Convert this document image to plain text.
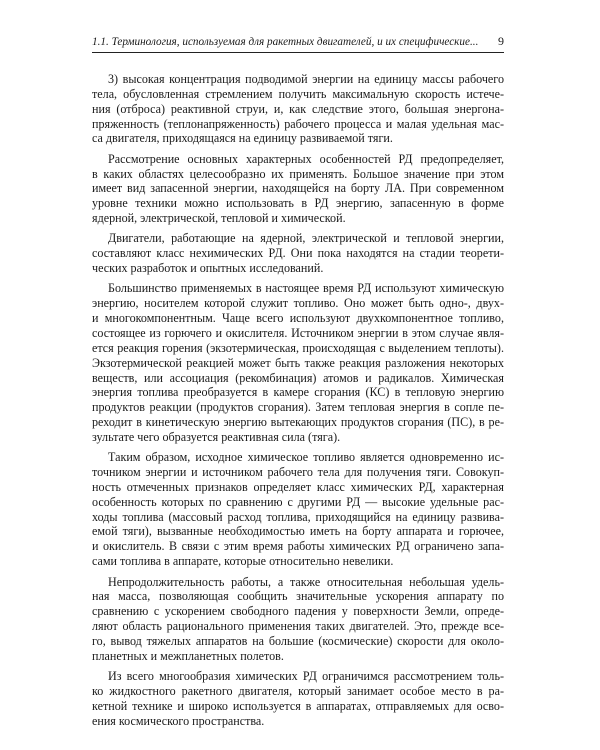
1.1. Терминология, используемая для ракетных двигателей, и их специфические... 9
3) высокая концентрация подводимой энергии на единицу массы рабочего
тела, обусловленная стремлением получить максимальную скорость истече-
ния (отброса) реактивной струи, и, как следствие этого, большая энергона-
пряженность (теплонапряженность) рабочего процесса и малая удельная мас-
са двигателя, приходящаяся на единицу развиваемой тяги.
Рассмотрение основных характерных особенностей РД предопределяет,
в каких областях целесообразно их применять. Большое значение при этом
имеет вид запасенной энергии, находящейся на борту ЛА. При современном
уровне техники можно использовать в РД энергию, запасенную в форме
ядерной, электрической, тепловой и химической.
Двигатели, работающие на ядерной, электрической и тепловой энергии,
составляют класс нехимических РД. Они пока находятся на стадии теорети-
ческих разработок и опытных исследований.
Большинство применяемых в настоящее время РД используют химическую
энергию, носителем которой служит топливо. Оно может быть одно-, двух-
и многокомпонентным. Чаще всего используют двухкомпонентное топливо,
состоящее из горючего и окислителя. Источником энергии в этом случае явля-
ется реакция горения (экзотермическая, происходящая с выделением теплоты).
Экзотермической реакцией может быть также реакция разложения некоторых
веществ, или ассоциация (рекомбинация) атомов и радикалов. Химическая
энергия топлива преобразуется в камере сгорания (КС) в тепловую энергию
продуктов реакции (продуктов сгорания). Затем тепловая энергия в сопле пе-
реходит в кинетическую энергию вытекающих продуктов сгорания (ПС), в ре-
зультате чего образуется реактивная сила (тяга).
Таким образом, исходное химическое топливо является одновременно ис-
точником энергии и источником рабочего тела для получения тяги. Совокуп-
ность отмеченных признаков определяет класс химических РД, характерная
особенность которых по сравнению с другими РД — высокие удельные рас-
ходы топлива (массовый расход топлива, приходящийся на единицу развива-
емой тяги), вызванные необходимостью иметь на борту аппарата и горючее,
и окислитель. В связи с этим время работы химических РД ограничено запа-
сами топлива в аппарате, которые относительно невелики.
Непродолжительность работы, а также относительная небольшая удель-
ная масса, позволяющая сообщить значительные ускорения аппарату по
сравнению с ускорением свободного падения у поверхности Земли, опреде-
ляют область рационального применения таких двигателей. Это, прежде все-
го, вывод тяжелых аппаратов на большие (космические) скорости для околo-
планетных и межпланетных полетов.
Из всего многообразия химических РД ограничимся рассмотрением толь-
ко жидкостного ракетного двигателя, который занимает особое место в ра-
кетной технике и широко используется в аппаратах, отправляемых для осво-
ения космического пространства.
